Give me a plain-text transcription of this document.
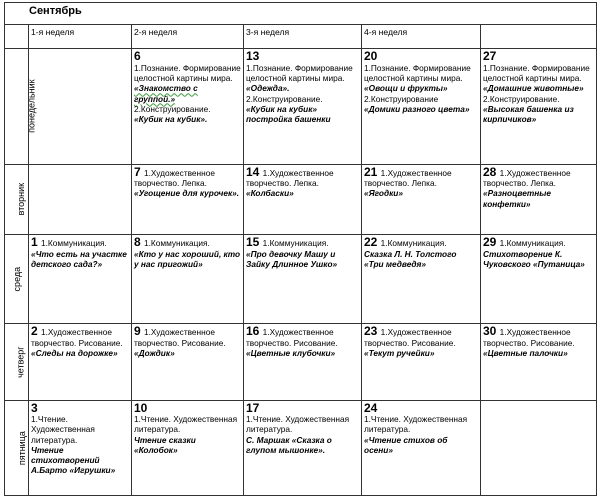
Сентябрь					
	1-я неделя	2-я неделя	3-я неделя	4-я неделя	
понедельник		6
1.Познание. Формирование целостной картины мира.
«Знакомство с группой.»
2.Конструирование.
«Кубик на кубик».	13
1.Познание. Формирование целостной картины мира.
«Одежда».
2.Конструирование.
«Кубик на кубик» постройка башенки	20
1.Познание. Формирование целостной картины мира.
«Овощи и фрукты»
2.Конструирование
«Домики разного цвета»	27
1.Познание. Формирование целостной картины мира.
«Домашние животные»
2.Конструирование.
«Высокая башенка из кирпичиков»

вторник		7 1.Художественное творчество. Лепка.
«Угощение для курочек».	14 1.Художественное творчество. Лепка.
«Колбаски»	21 1.Художественное творчество. Лепка.
«Ягодки»	28 1.Художественное творчество. Лепка.
«Разноцветные конфетки»

среда	1 1.Коммуникация.
«Что есть на участке детского сада?»	8 1.Коммуникация.
«Кто у нас хороший, кто у нас пригожий»	15 1.Коммуникация.
«Про девочку Машу и Зайку Длинное Ушко»	22 1.Коммуникация.
Сказка Л. Н. Толстого «Три медведя»	29 1.Коммуникация.
Стихотворение К. Чуковского «Путаница»

четверг	2 1.Художественное творчество. Рисование.
«Следы на дорожке»	9 1.Художественное творчество. Рисование.
«Дождик»	16 1.Художественное творчество. Рисование.
«Цветные клубочки»	23 1.Художественное творчество. Рисование.
«Текут ручейки»	30 1.Художественное творчество. Рисование.
«Цветные палочки»

пятница	3
1.Чтение. Художественная литература.
Чтение стихотворений А.Барто «Игрушки»	10
1.Чтение. Художественная литература.
Чтение сказки «Колобок»	17
1.Чтение. Художественная литература.
С. Маршак «Сказка о глупом мышонке».	24
1.Чтение. Художественная литература.
«Чтение стихов об осени»	
